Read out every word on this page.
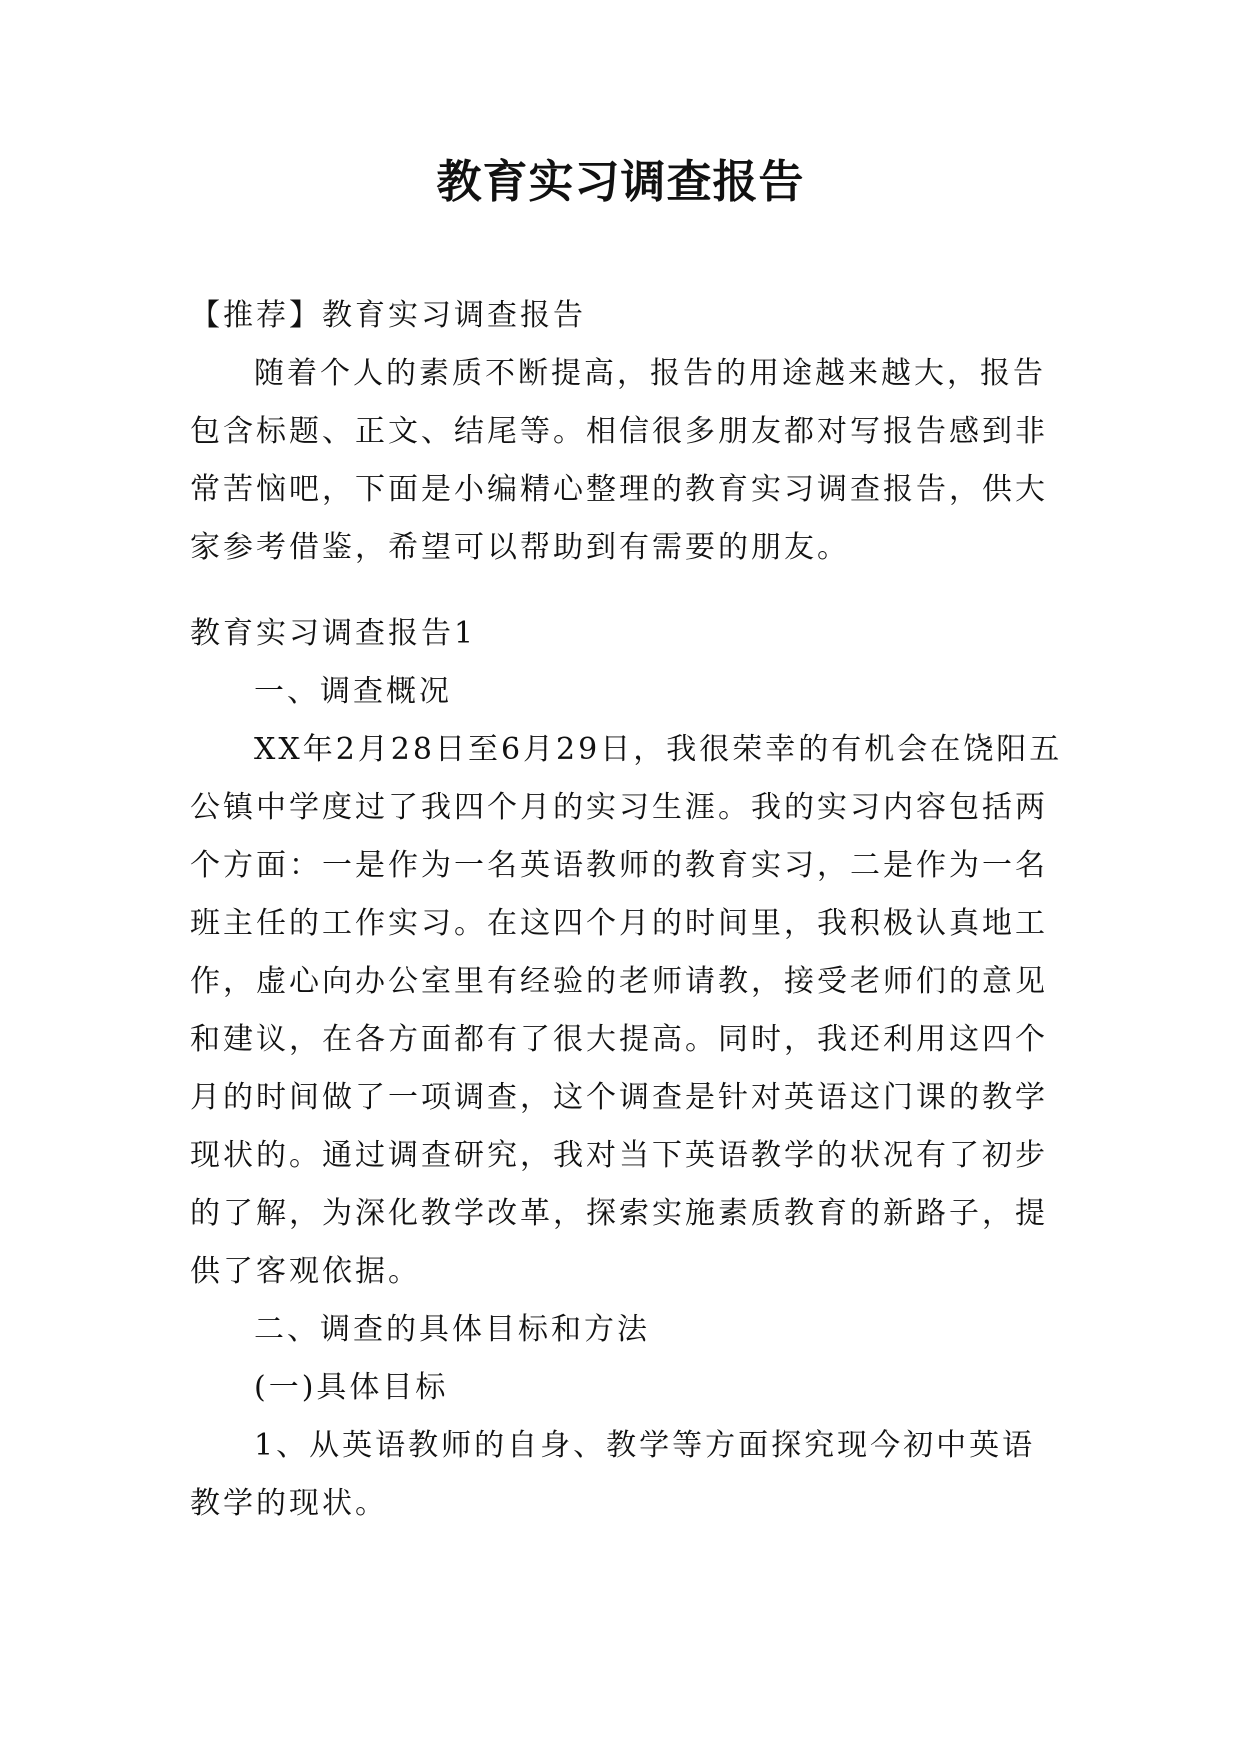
教育实习调查报告

【推荐】教育实习调查报告

随着个人的素质不断提高，报告的用途越来越大，报告包含标题、正文、结尾等。相信很多朋友都对写报告感到非常苦恼吧，下面是小编精心整理的教育实习调查报告，供大家参考借鉴，希望可以帮助到有需要的朋友。

教育实习调查报告1

一、调查概况

XX年2月28日至6月29日，我很荣幸的有机会在饶阳五公镇中学度过了我四个月的实习生涯。我的实习内容包括两个方面：一是作为一名英语教师的教育实习，二是作为一名班主任的工作实习。在这四个月的时间里，我积极认真地工作，虚心向办公室里有经验的老师请教，接受老师们的意见和建议，在各方面都有了很大提高。同时，我还利用这四个月的时间做了一项调查，这个调查是针对英语这门课的教学现状的。通过调查研究，我对当下英语教学的状况有了初步的了解，为深化教学改革，探索实施素质教育的新路子，提供了客观依据。

二、调查的具体目标和方法

(一)具体目标

1、从英语教师的自身、教学等方面探究现今初中英语教学的现状。
